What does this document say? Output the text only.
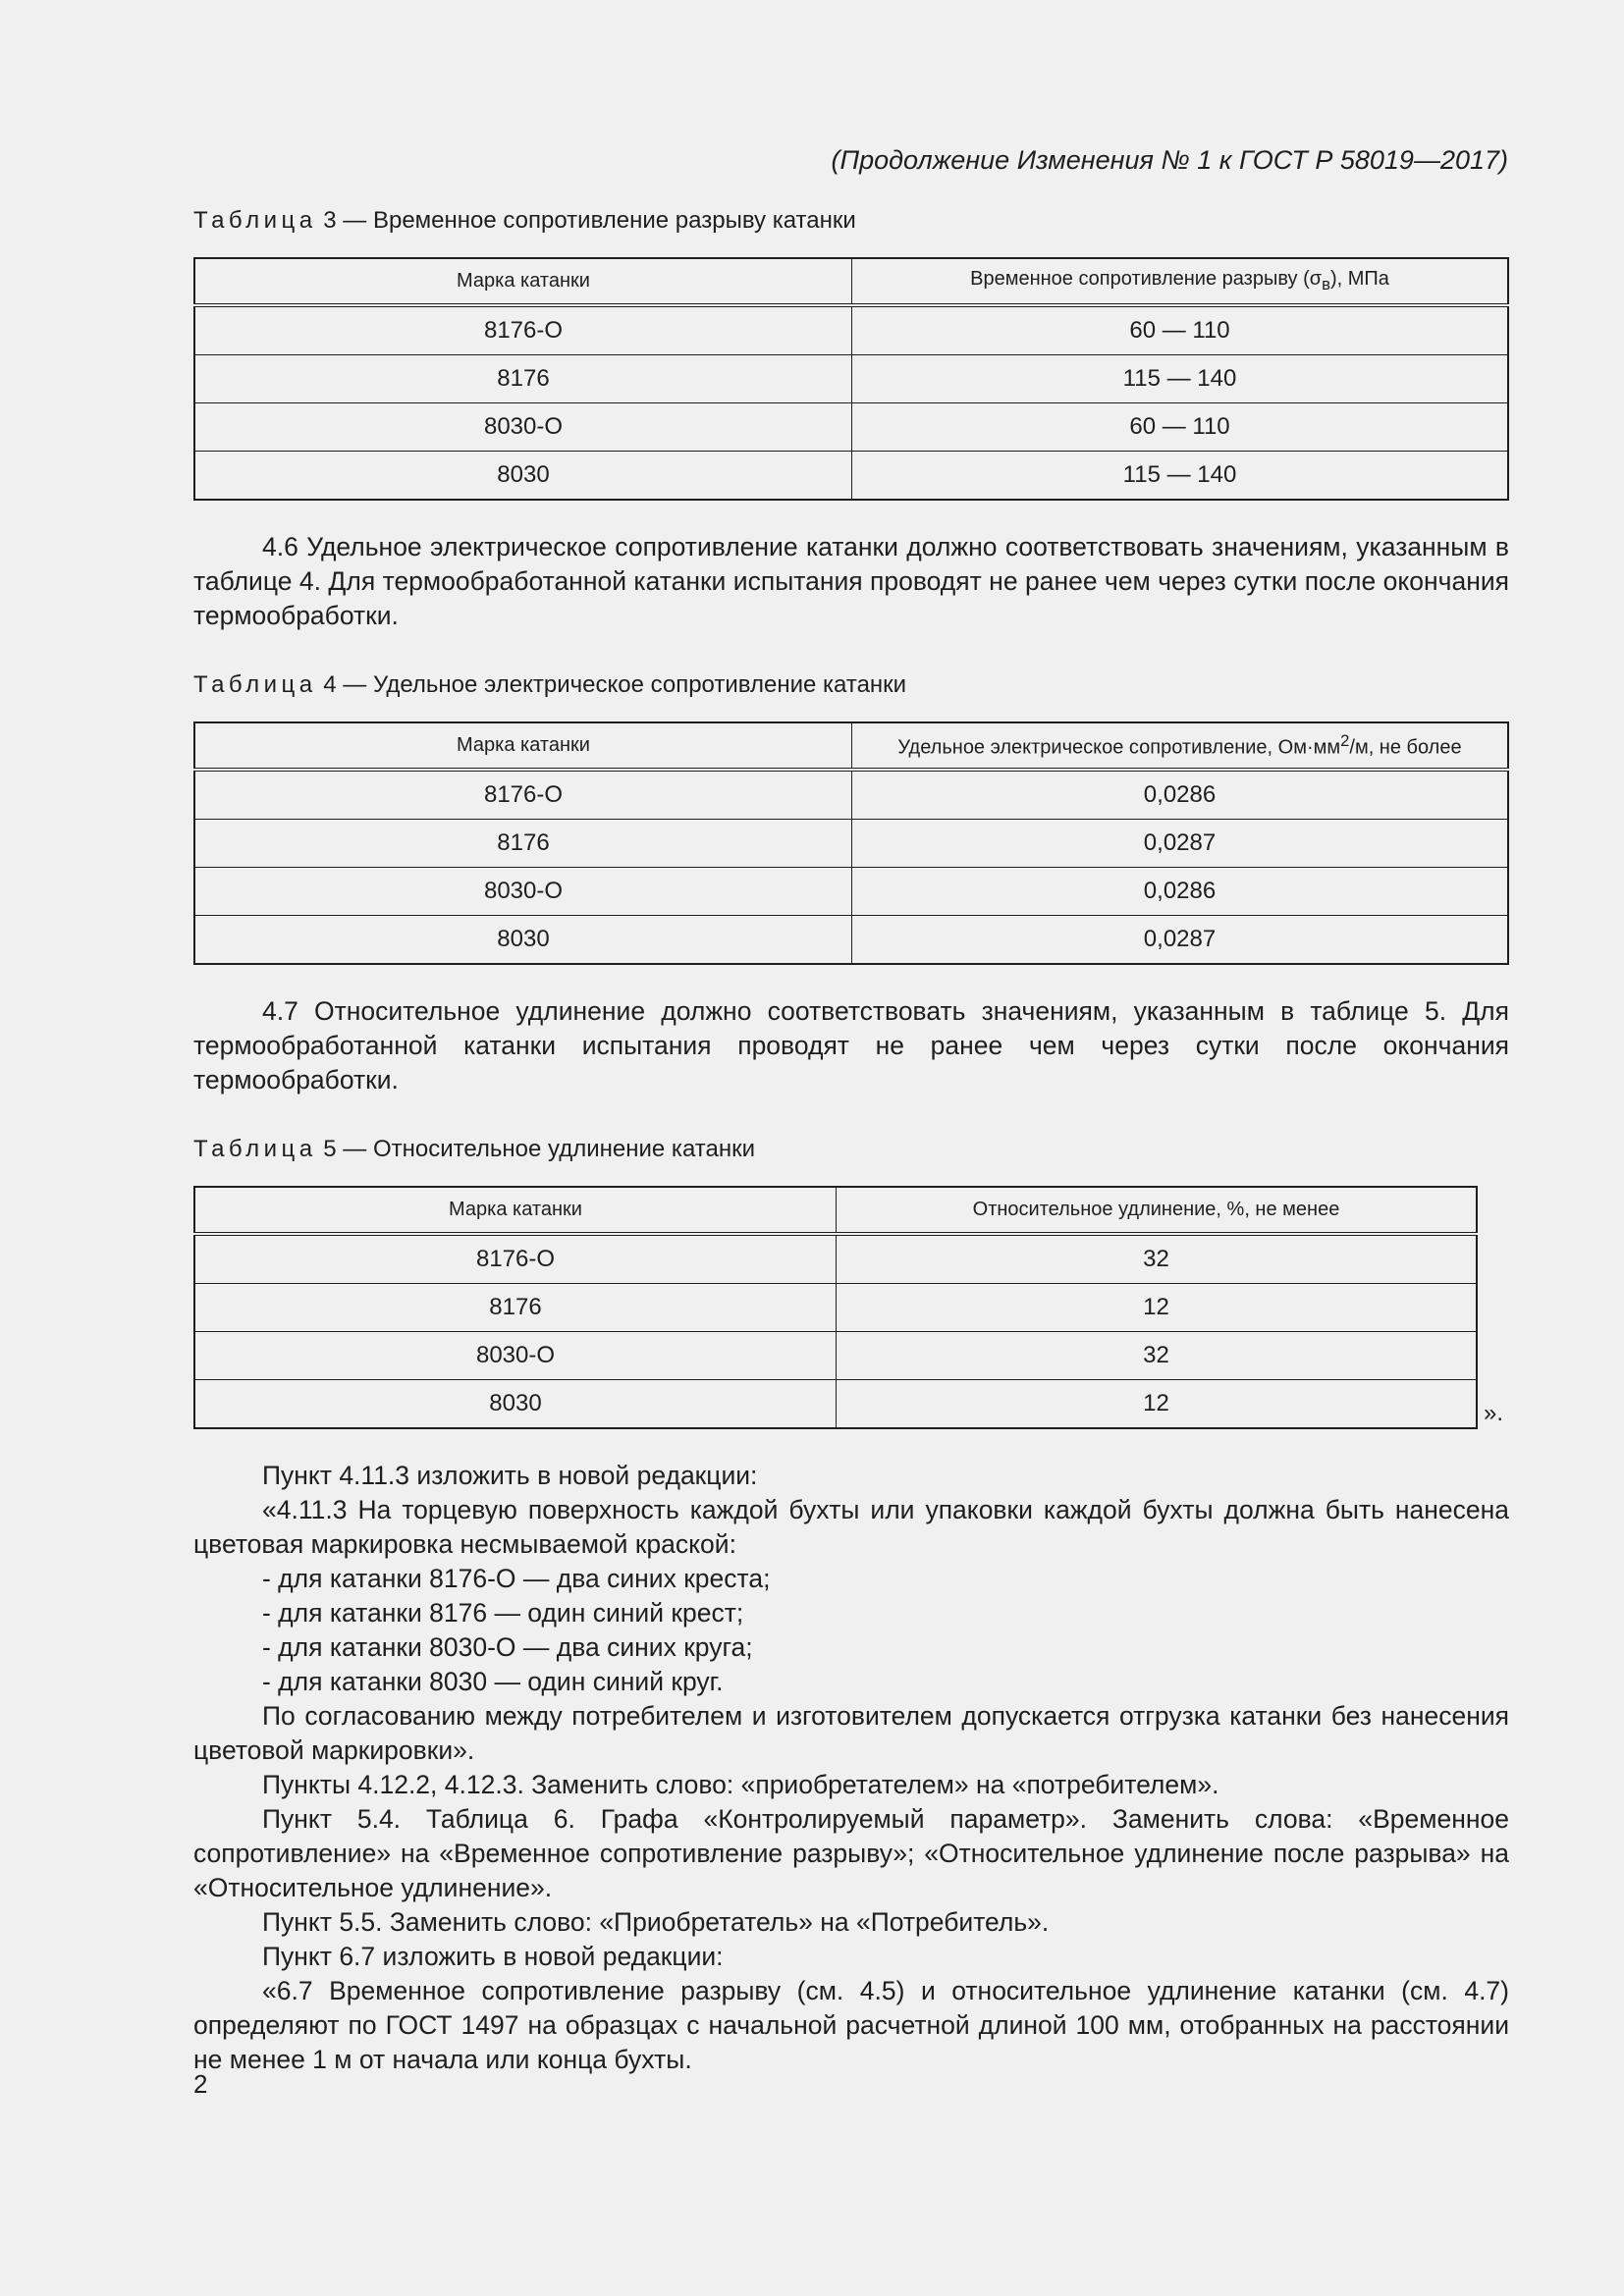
(Продолжение Изменения № 1 к ГОСТ Р 58019—2017)

Таблица 3 — Временное сопротивление разрыву катанки

Марка катанки	Временное сопротивление разрыву $(\sigma_в)$, МПа
8176-О	60 — 110
8176	115 — 140
8030-О	60 — 110
8030	115 — 140

4.6 Удельное электрическое сопротивление катанки должно соответствовать значениям, указанным в таблице 4. Для термообработанной катанки испытания проводят не ранее чем через сутки после окончания термообработки.

Таблица 4 — Удельное электрическое сопротивление катанки

Марка катанки	Удельное электрическое сопротивление, $Ом\cdot мм^2/м$, не более
8176-О	0,0286
8176	0,0287
8030-О	0,0286
8030	0,0287

4.7 Относительное удлинение должно соответствовать значениям, указанным в таблице 5. Для термообработанной катанки испытания проводят не ранее чем через сутки после окончания термообработки.

Таблица 5 — Относительное удлинение катанки

Марка катанки	Относительное удлинение, %, не менее
8176-О	32
8176	12
8030-О	32
8030	12	».

Пункт 4.11.3 изложить в новой редакции:

«4.11.3 На торцевую поверхность каждой бухты или упаковки каждой бухты должна быть нанесена цветовая маркировка несмываемой краской:

- для катанки 8176-О — два синих креста;

- для катанки 8176 — один синий крест;

- для катанки 8030-О — два синих круга;

- для катанки 8030 — один синий круг.

По согласованию между потребителем и изготовителем допускается отгрузка катанки без нанесения цветовой маркировки».

Пункты 4.12.2, 4.12.3. Заменить слово: «приобретателем» на «потребителем».

Пункт 5.4. Таблица 6. Графа «Контролируемый параметр». Заменить слова: «Временное сопротивление» на «Временное сопротивление разрыву»; «Относительное удлинение после разрыва» на «Относительное удлинение».

Пункт 5.5. Заменить слово: «Приобретатель» на «Потребитель».

Пункт 6.7 изложить в новой редакции:

«6.7 Временное сопротивление разрыву (см. 4.5) и относительное удлинение катанки (см. 4.7) определяют по ГОСТ 1497 на образцах с начальной расчетной длиной 100 мм, отобранных на расстоянии не менее 1 м от начала или конца бухты.

2
